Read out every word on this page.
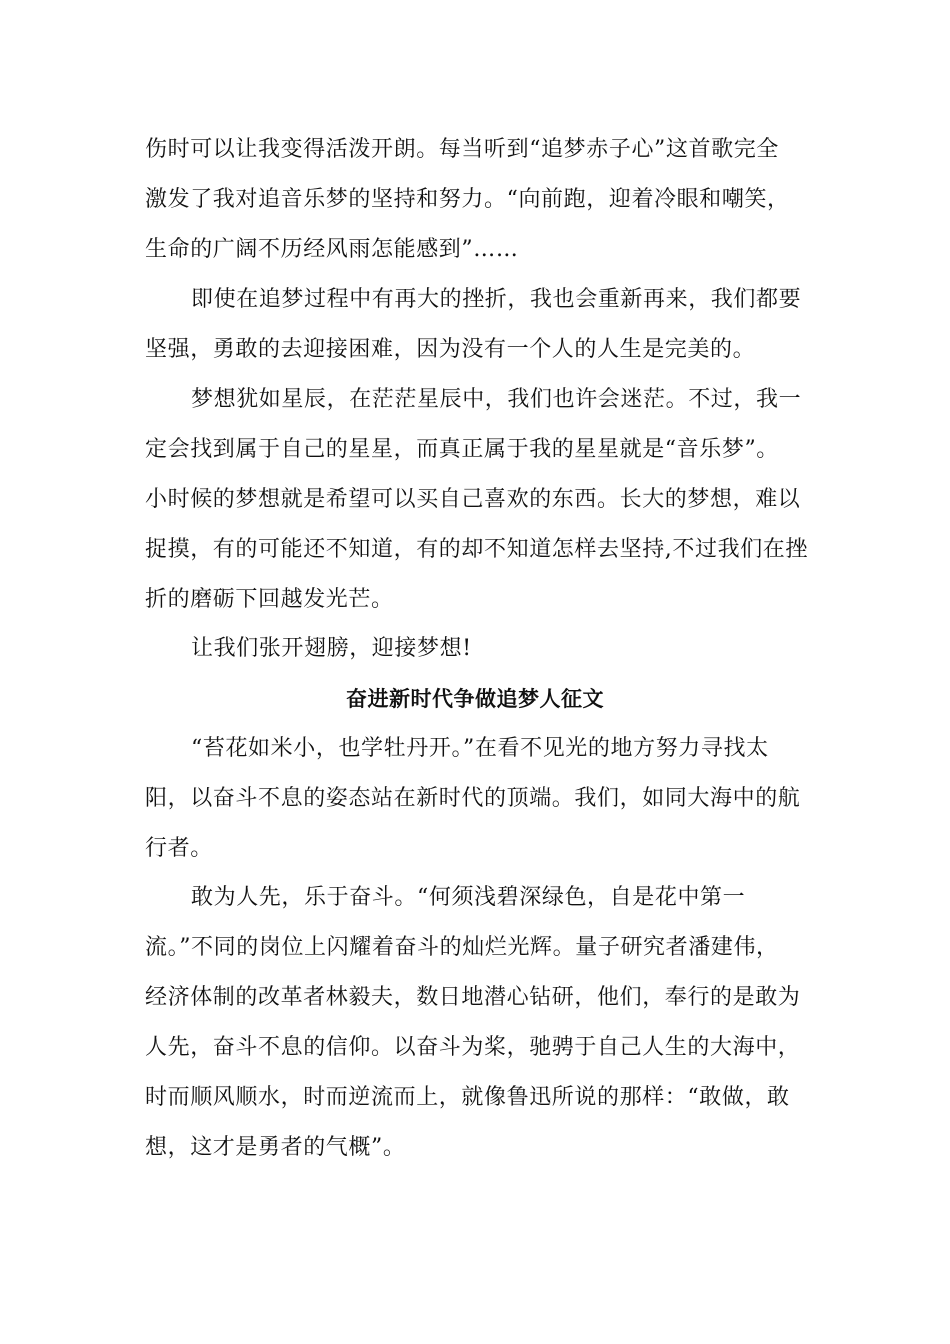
伤时可以让我变得活泼开朗。每当听到“追梦赤子心”这首歌完全
激发了我对追音乐梦的坚持和努力。“向前跑，迎着冷眼和嘲笑，
生命的广阔不历经风雨怎能感到”……
即使在追梦过程中有再大的挫折，我也会重新再来，我们都要
坚强，勇敢的去迎接困难，因为没有一个人的人生是完美的。
梦想犹如星辰，在茫茫星辰中，我们也许会迷茫。不过，我一
定会找到属于自己的星星，而真正属于我的星星就是“音乐梦”。
小时候的梦想就是希望可以买自己喜欢的东西。长大的梦想，难以
捉摸，有的可能还不知道，有的却不知道怎样去坚持,不过我们在挫
折的磨砺下回越发光芒。
让我们张开翅膀，迎接梦想!
奋进新时代争做追梦人征文
“苔花如米小，也学牡丹开。”在看不见光的地方努力寻找太
阳，以奋斗不息的姿态站在新时代的顶端。我们，如同大海中的航
行者。
敢为人先，乐于奋斗。“何须浅碧深绿色，自是花中第一
流。”不同的岗位上闪耀着奋斗的灿烂光辉。量子研究者潘建伟，
经济体制的改革者林毅夫，数日地潜心钻研，他们，奉行的是敢为
人先，奋斗不息的信仰。以奋斗为桨，驰骋于自己人生的大海中，
时而顺风顺水，时而逆流而上，就像鲁迅所说的那样：“敢做，敢
想，这才是勇者的气概”。
